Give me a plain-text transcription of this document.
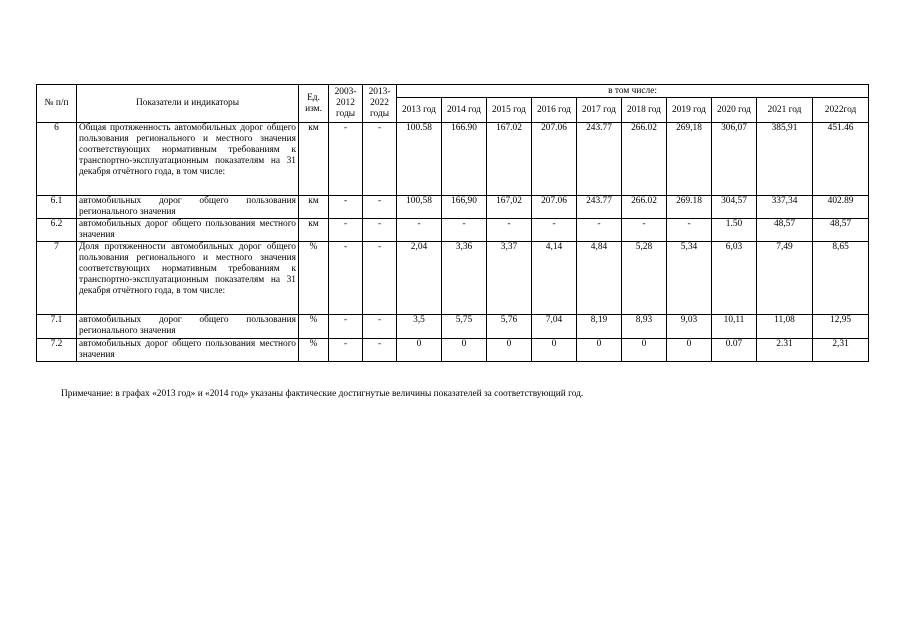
№ п/п	Показатели и индикаторы	Ед. изм.	2003-2012 годы	2013-2022 годы	в том числе:									
					2013 год	2014 год	2015 год	2016 год	2017 год	2018 год	2019 год	2020 год	2021 год	2022год
6	Общая протяженность автомобильных дорог общего пользования регионального и местного значения соответствующих нормативным требованиям к транспортно-эксплуатационным показателям на 31 декабря отчётного года, в том числе:	км	-	-	100.58	166.90	167.02	207.06	243.77	266.02	269,18	306,07	385,91	451.46
6.1	автомобильных дорог общего пользования регионального значения	км	-	-	100,58	166,90	167,02	207.06	243.77	266.02	269.18	304,57	337,34	402.89
6.2	автомобильных дорог общего пользования местного значения	км	-	-	-	-	-	-	-	-	-	1.50	48,57	48,57
7	Доля протяженности автомобильных дорог общего пользования регионального и местного значения соответствующих нормативным требованиям к транспортно-эксплуатационным показателям на 31 декабря отчётного года, в том числе:	%	-	-	2,04	3,36	3,37	4,14	4,84	5,28	5,34	6,03	7,49	8,65
7.1	автомобильных дорог общего пользования регионального значения	%	-	-	3,5	5,75	5,76	7,04	8,19	8,93	9,03	10,11	11,08	12,95
7.2	автомобильных дорог общего пользования местного значения	%	-	-	0	0	0	0	0	0	0	0.07	2.31	2,31
Примечание: в графах «2013 год» и «2014 год» указаны фактические достигнутые величины показателей за соответствующий год.
